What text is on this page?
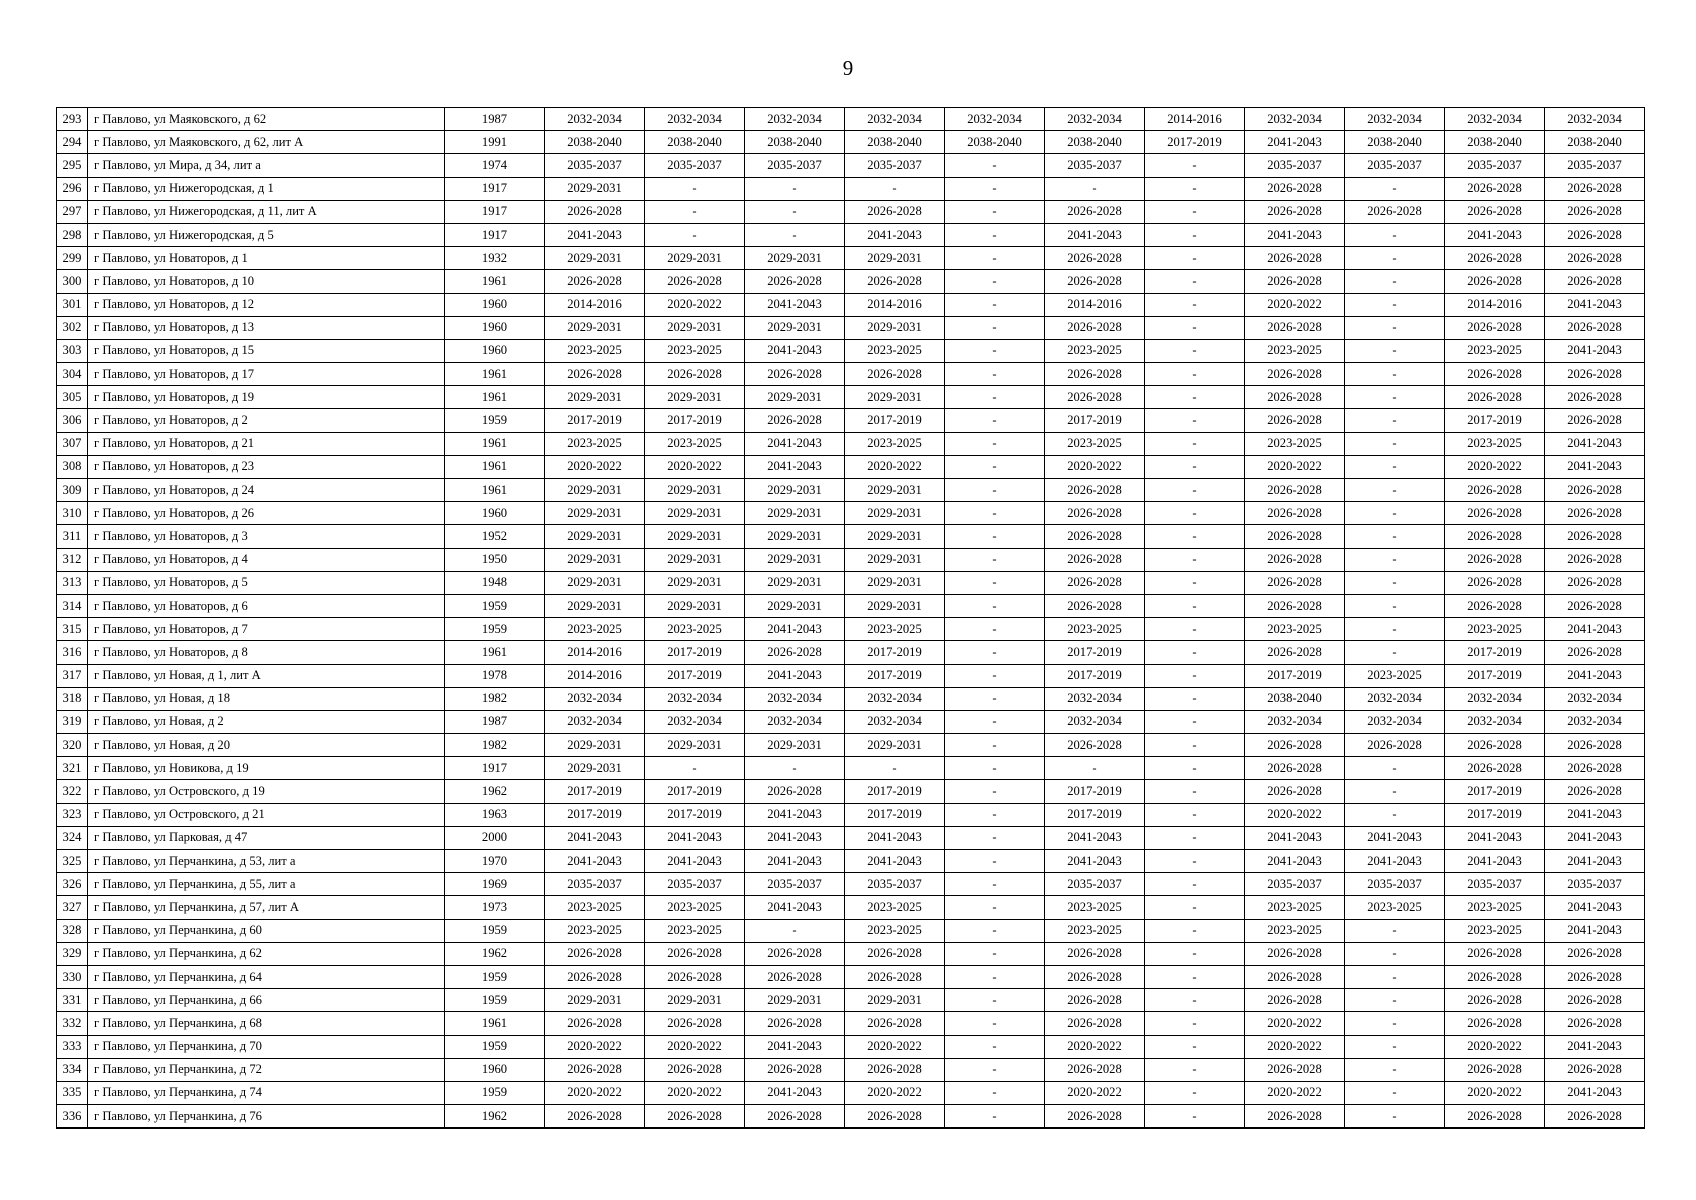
9
293	г Павлово, ул Маяковского, д 62	1987	2032-2034	2032-2034	2032-2034	2032-2034	2032-2034	2032-2034	2014-2016	2032-2034	2032-2034	2032-2034	2032-2034
294	г Павлово, ул Маяковского, д 62, лит А	1991	2038-2040	2038-2040	2038-2040	2038-2040	2038-2040	2038-2040	2017-2019	2041-2043	2038-2040	2038-2040	2038-2040
295	г Павлово, ул Мира, д 34, лит а	1974	2035-2037	2035-2037	2035-2037	2035-2037	-	2035-2037	-	2035-2037	2035-2037	2035-2037	2035-2037
296	г Павлово, ул Нижегородская, д 1	1917	2029-2031	-	-	-	-	-	-	2026-2028	-	2026-2028	2026-2028
297	г Павлово, ул Нижегородская, д 11, лит А	1917	2026-2028	-	-	2026-2028	-	2026-2028	-	2026-2028	2026-2028	2026-2028	2026-2028
298	г Павлово, ул Нижегородская, д 5	1917	2041-2043	-	-	2041-2043	-	2041-2043	-	2041-2043	-	2041-2043	2026-2028
299	г Павлово, ул Новаторов, д 1	1932	2029-2031	2029-2031	2029-2031	2029-2031	-	2026-2028	-	2026-2028	-	2026-2028	2026-2028
300	г Павлово, ул Новаторов, д 10	1961	2026-2028	2026-2028	2026-2028	2026-2028	-	2026-2028	-	2026-2028	-	2026-2028	2026-2028
301	г Павлово, ул Новаторов, д 12	1960	2014-2016	2020-2022	2041-2043	2014-2016	-	2014-2016	-	2020-2022	-	2014-2016	2041-2043
302	г Павлово, ул Новаторов, д 13	1960	2029-2031	2029-2031	2029-2031	2029-2031	-	2026-2028	-	2026-2028	-	2026-2028	2026-2028
303	г Павлово, ул Новаторов, д 15	1960	2023-2025	2023-2025	2041-2043	2023-2025	-	2023-2025	-	2023-2025	-	2023-2025	2041-2043
304	г Павлово, ул Новаторов, д 17	1961	2026-2028	2026-2028	2026-2028	2026-2028	-	2026-2028	-	2026-2028	-	2026-2028	2026-2028
305	г Павлово, ул Новаторов, д 19	1961	2029-2031	2029-2031	2029-2031	2029-2031	-	2026-2028	-	2026-2028	-	2026-2028	2026-2028
306	г Павлово, ул Новаторов, д 2	1959	2017-2019	2017-2019	2026-2028	2017-2019	-	2017-2019	-	2026-2028	-	2017-2019	2026-2028
307	г Павлово, ул Новаторов, д 21	1961	2023-2025	2023-2025	2041-2043	2023-2025	-	2023-2025	-	2023-2025	-	2023-2025	2041-2043
308	г Павлово, ул Новаторов, д 23	1961	2020-2022	2020-2022	2041-2043	2020-2022	-	2020-2022	-	2020-2022	-	2020-2022	2041-2043
309	г Павлово, ул Новаторов, д 24	1961	2029-2031	2029-2031	2029-2031	2029-2031	-	2026-2028	-	2026-2028	-	2026-2028	2026-2028
310	г Павлово, ул Новаторов, д 26	1960	2029-2031	2029-2031	2029-2031	2029-2031	-	2026-2028	-	2026-2028	-	2026-2028	2026-2028
311	г Павлово, ул Новаторов, д 3	1952	2029-2031	2029-2031	2029-2031	2029-2031	-	2026-2028	-	2026-2028	-	2026-2028	2026-2028
312	г Павлово, ул Новаторов, д 4	1950	2029-2031	2029-2031	2029-2031	2029-2031	-	2026-2028	-	2026-2028	-	2026-2028	2026-2028
313	г Павлово, ул Новаторов, д 5	1948	2029-2031	2029-2031	2029-2031	2029-2031	-	2026-2028	-	2026-2028	-	2026-2028	2026-2028
314	г Павлово, ул Новаторов, д 6	1959	2029-2031	2029-2031	2029-2031	2029-2031	-	2026-2028	-	2026-2028	-	2026-2028	2026-2028
315	г Павлово, ул Новаторов, д 7	1959	2023-2025	2023-2025	2041-2043	2023-2025	-	2023-2025	-	2023-2025	-	2023-2025	2041-2043
316	г Павлово, ул Новаторов, д 8	1961	2014-2016	2017-2019	2026-2028	2017-2019	-	2017-2019	-	2026-2028	-	2017-2019	2026-2028
317	г Павлово, ул Новая, д 1, лит А	1978	2014-2016	2017-2019	2041-2043	2017-2019	-	2017-2019	-	2017-2019	2023-2025	2017-2019	2041-2043
318	г Павлово, ул Новая, д 18	1982	2032-2034	2032-2034	2032-2034	2032-2034	-	2032-2034	-	2038-2040	2032-2034	2032-2034	2032-2034
319	г Павлово, ул Новая, д 2	1987	2032-2034	2032-2034	2032-2034	2032-2034	-	2032-2034	-	2032-2034	2032-2034	2032-2034	2032-2034
320	г Павлово, ул Новая, д 20	1982	2029-2031	2029-2031	2029-2031	2029-2031	-	2026-2028	-	2026-2028	2026-2028	2026-2028	2026-2028
321	г Павлово, ул Новикова, д 19	1917	2029-2031	-	-	-	-	-	-	2026-2028	-	2026-2028	2026-2028
322	г Павлово, ул Островского, д 19	1962	2017-2019	2017-2019	2026-2028	2017-2019	-	2017-2019	-	2026-2028	-	2017-2019	2026-2028
323	г Павлово, ул Островского, д 21	1963	2017-2019	2017-2019	2041-2043	2017-2019	-	2017-2019	-	2020-2022	-	2017-2019	2041-2043
324	г Павлово, ул Парковая, д 47	2000	2041-2043	2041-2043	2041-2043	2041-2043	-	2041-2043	-	2041-2043	2041-2043	2041-2043	2041-2043
325	г Павлово, ул Перчанкина, д 53, лит а	1970	2041-2043	2041-2043	2041-2043	2041-2043	-	2041-2043	-	2041-2043	2041-2043	2041-2043	2041-2043
326	г Павлово, ул Перчанкина, д 55, лит а	1969	2035-2037	2035-2037	2035-2037	2035-2037	-	2035-2037	-	2035-2037	2035-2037	2035-2037	2035-2037
327	г Павлово, ул Перчанкина, д 57, лит А	1973	2023-2025	2023-2025	2041-2043	2023-2025	-	2023-2025	-	2023-2025	2023-2025	2023-2025	2041-2043
328	г Павлово, ул Перчанкина, д 60	1959	2023-2025	2023-2025	-	2023-2025	-	2023-2025	-	2023-2025	-	2023-2025	2041-2043
329	г Павлово, ул Перчанкина, д 62	1962	2026-2028	2026-2028	2026-2028	2026-2028	-	2026-2028	-	2026-2028	-	2026-2028	2026-2028
330	г Павлово, ул Перчанкина, д 64	1959	2026-2028	2026-2028	2026-2028	2026-2028	-	2026-2028	-	2026-2028	-	2026-2028	2026-2028
331	г Павлово, ул Перчанкина, д 66	1959	2029-2031	2029-2031	2029-2031	2029-2031	-	2026-2028	-	2026-2028	-	2026-2028	2026-2028
332	г Павлово, ул Перчанкина, д 68	1961	2026-2028	2026-2028	2026-2028	2026-2028	-	2026-2028	-	2020-2022	-	2026-2028	2026-2028
333	г Павлово, ул Перчанкина, д 70	1959	2020-2022	2020-2022	2041-2043	2020-2022	-	2020-2022	-	2020-2022	-	2020-2022	2041-2043
334	г Павлово, ул Перчанкина, д 72	1960	2026-2028	2026-2028	2026-2028	2026-2028	-	2026-2028	-	2026-2028	-	2026-2028	2026-2028
335	г Павлово, ул Перчанкина, д 74	1959	2020-2022	2020-2022	2041-2043	2020-2022	-	2020-2022	-	2020-2022	-	2020-2022	2041-2043
336	г Павлово, ул Перчанкина, д 76	1962	2026-2028	2026-2028	2026-2028	2026-2028	-	2026-2028	-	2026-2028	-	2026-2028	2026-2028
